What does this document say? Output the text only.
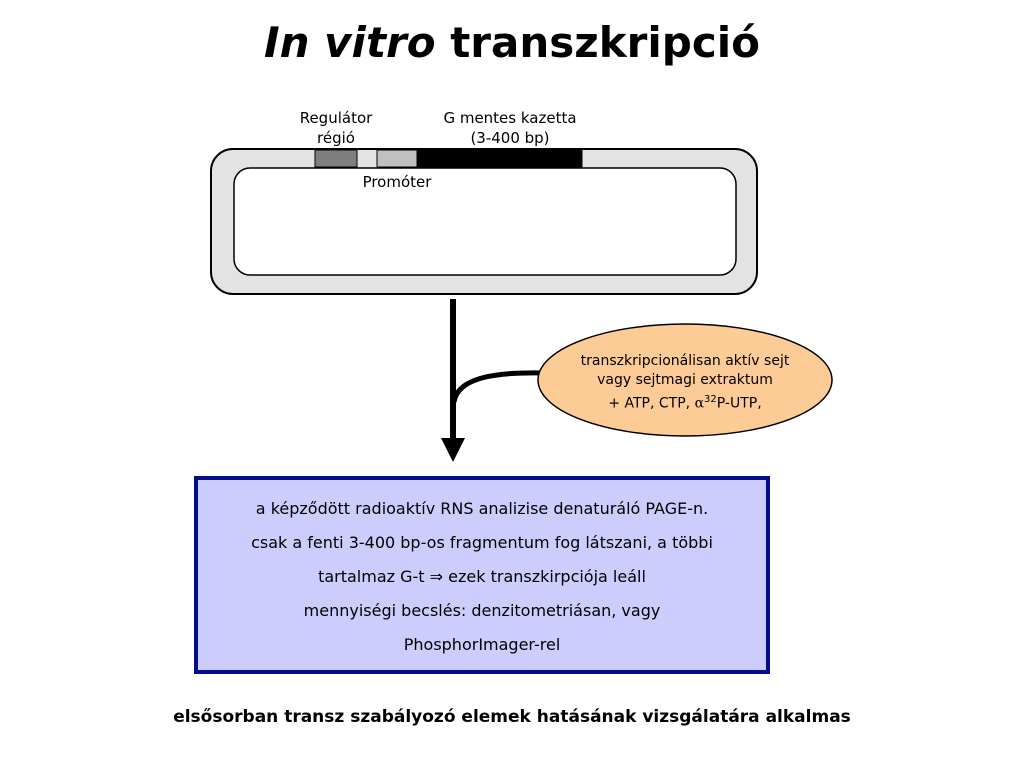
In vitro transzkripció
Regulátor
régió
G mentes kazetta
(3-400 bp)
Promóter
transzkripcionálisan aktív sejt
vagy sejtmagi extraktum
+ ATP, CTP, $\alpha^{32}P$-UTP,
a képződött radioaktív RNS analizise denaturáló PAGE-n.
csak a fenti 3-400 bp-os fragmentum fog látszani, a többi
tartalmaz G-t ⇒ ezek transzkirpciója leáll
mennyiségi becslés: denzitometriásan, vagy
PhosphorImager-rel
elsősorban transz szabályozó elemek hatásának vizsgálatára alkalmas
